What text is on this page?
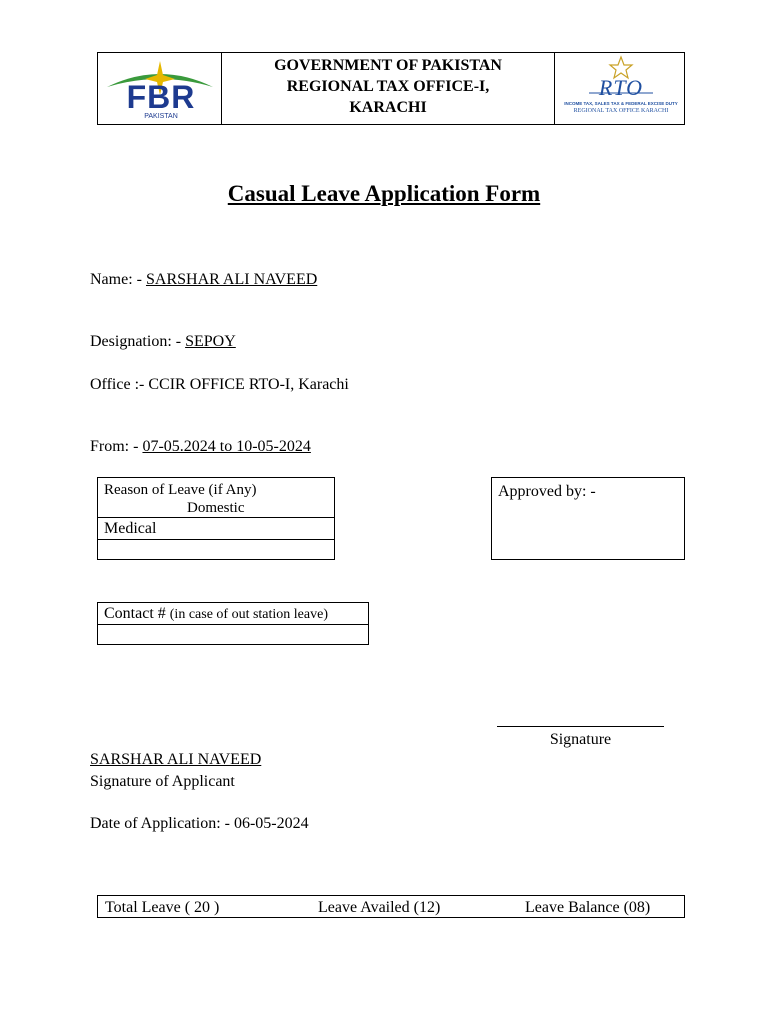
FBR
PAKISTAN
GOVERNMENT OF PAKISTAN
REGIONAL TAX OFFICE-I,
KARACHI
RTO
INCOME TAX, SALES TAX & FEDERAL EXCISE DUTY
REGIONAL TAX OFFICE KARACHI
Casual Leave Application Form
Name: - SARSHAR ALI NAVEED
Designation: - SEPOY
Office :- CCIR OFFICE RTO-I, Karachi
From: - 07-05.2024 to 10-05-2024
Reason of Leave (if Any)
Domestic
Medical
Approved by: -
Contact # (in case of out station leave)
Signature
SARSHAR ALI NAVEED
Signature of Applicant
Date of Application: - 06-05-2024
Total Leave ( 20 )	Leave Availed (12)	Leave Balance (08)
